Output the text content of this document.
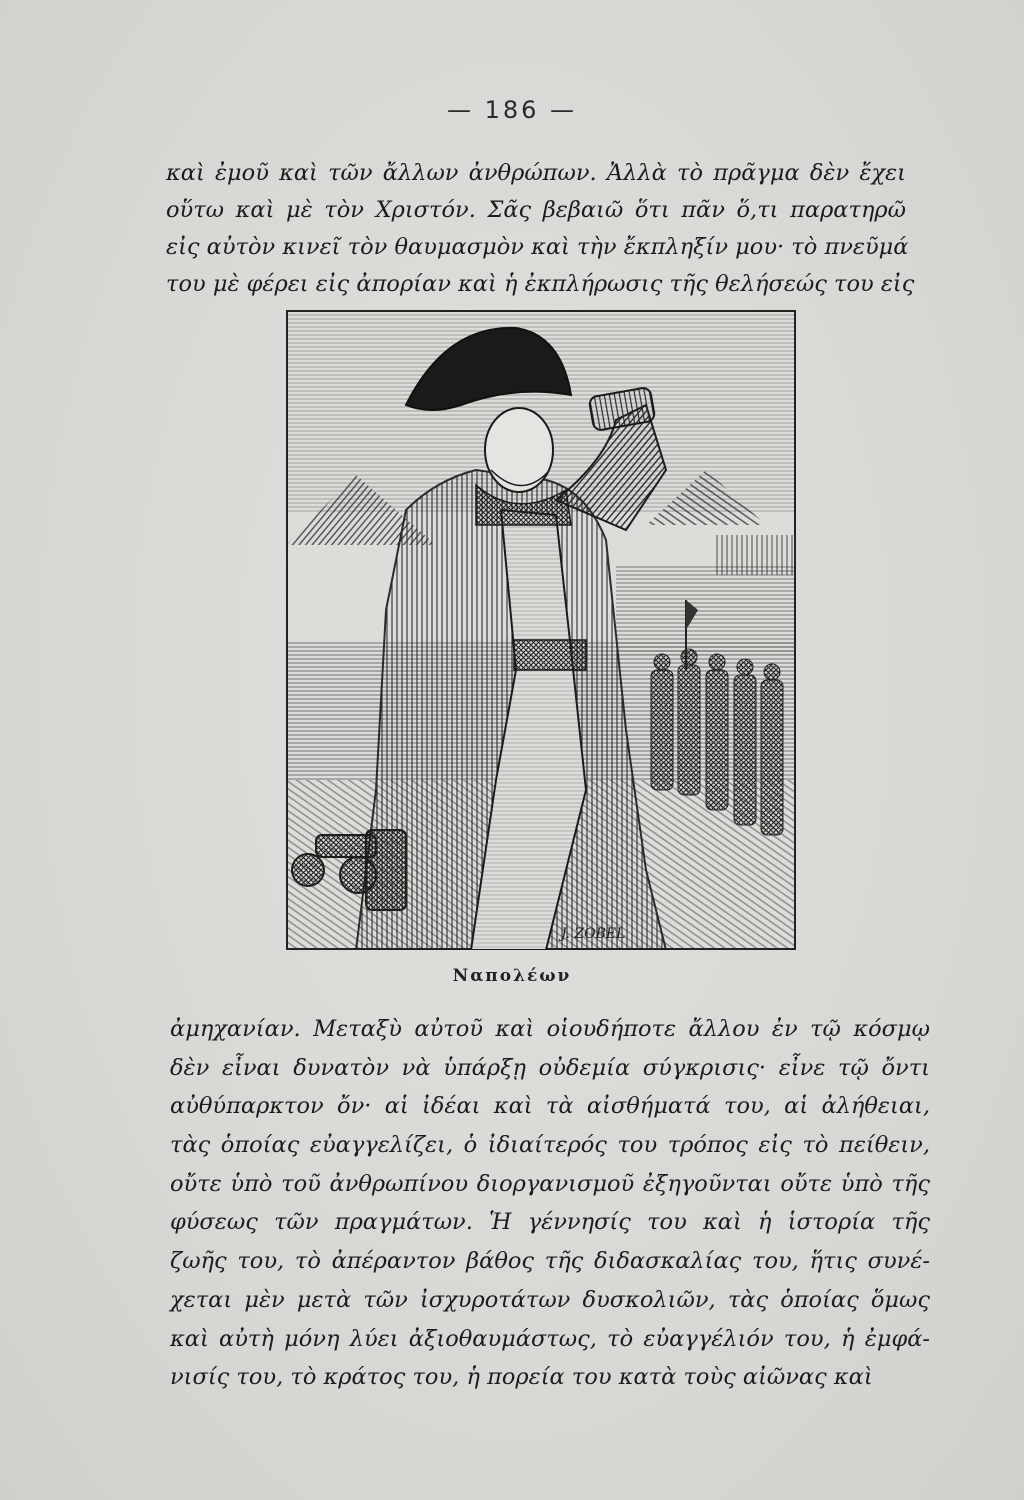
— 186 —
καὶ ἐμοῦ καὶ τῶν ἄλλων ἀνθρώπων. Ἀλλὰ τὸ πρᾶγμα δὲν ἔχει
οὕτω καὶ μὲ τὸν Χριστόν. Σᾶς βεβαιῶ ὅτι πᾶν ὅ,τι παρατηρῶ
εἰς αὐτὸν κινεῖ τὸν θαυμασμὸν καὶ τὴν ἔκπληξίν μου· τὸ πνεῦμά
του μὲ φέρει εἰς ἀπορίαν καὶ ἡ ἐκπλήρωσις τῆς θελήσεώς του εἰς
J. ZOBEL
Ναπολέων
ἀμηχανίαν. Μεταξὺ αὐτοῦ καὶ οἱουδήποτε ἄλλου ἐν τῷ κόσμῳ
δὲν εἶναι δυνατὸν νὰ ὑπάρξῃ οὐδεμία σύγκρισις· εἶνε τῷ ὄντι
αὐθύπαρκτον ὄν· αἱ ἰδέαι καὶ τὰ αἰσθήματά του, αἱ ἀλήθειαι,
τὰς ὁποίας εὐαγγελίζει, ὁ ἰδιαίτερός του τρόπος εἰς τὸ πείθειν,
οὔτε ὑπὸ τοῦ ἀνθρωπίνου διοργανισμοῦ ἐξηγοῦνται οὔτε ὑπὸ τῆς
φύσεως τῶν πραγμάτων. Ἡ γέννησίς του καὶ ἡ ἱστορία τῆς
ζωῆς του, τὸ ἀπέραντον βάθος τῆς διδασκαλίας του, ἥτις συνέ-
χεται μὲν μετὰ τῶν ἰσχυροτάτων δυσκολιῶν, τὰς ὁποίας ὅμως
καὶ αὐτὴ μόνη λύει ἀξιοθαυμάστως, τὸ εὐαγγέλιόν του, ἡ ἐμφά-
νισίς του, τὸ κράτος του, ἡ πορεία του κατὰ τοὺς αἰῶνας καὶ
